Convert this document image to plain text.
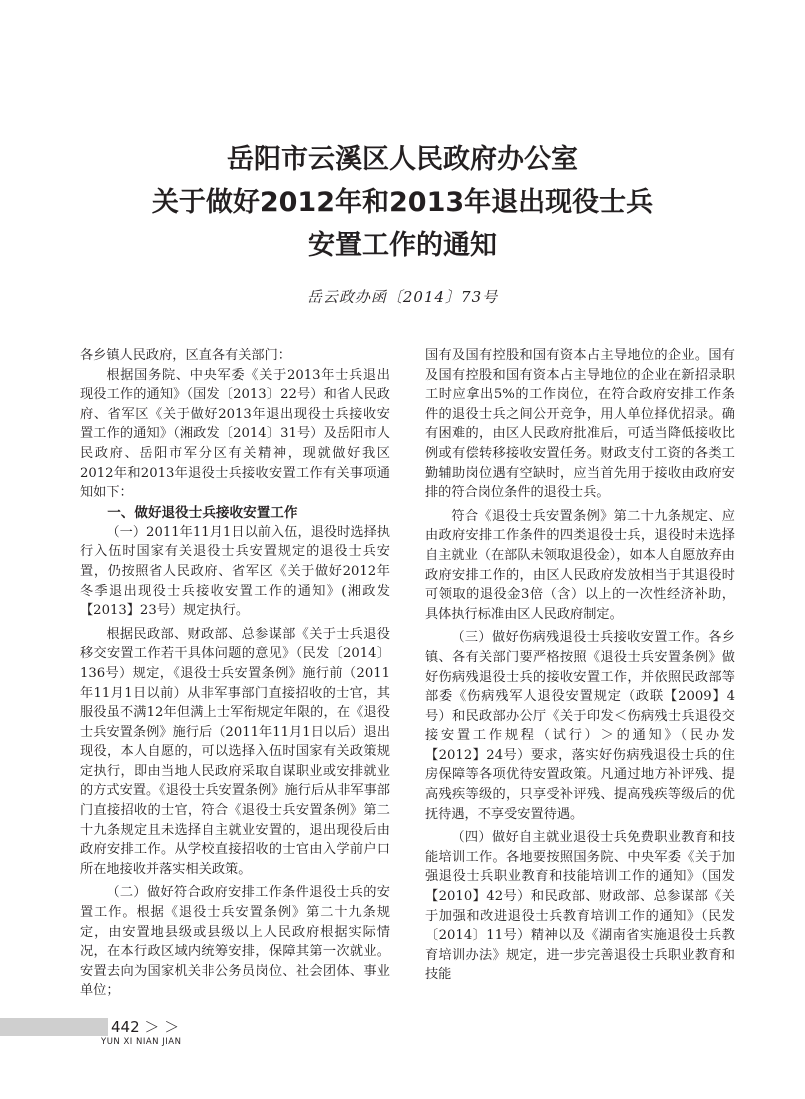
岳阳市云溪区人民政府办公室
关于做好2012年和2013年退出现役士兵
安置工作的通知
岳云政办函〔2014〕73号

各乡镇人民政府，区直各有关部门：

根据国务院、中央军委《关于2013年士兵退出现役工作的通知》（国发〔2013〕22号）和省人民政府、省军区《关于做好2013年退出现役士兵接收安置工作的通知》（湘政发〔2014〕31号）及岳阳市人民政府、岳阳市军分区有关精神，现就做好我区2012年和2013年退役士兵接收安置工作有关事项通知如下：

一、做好退役士兵接收安置工作

（一）2011年11月1日以前入伍，退役时选择执行入伍时国家有关退役士兵安置规定的退役士兵安置，仍按照省人民政府、省军区《关于做好2012年冬季退出现役士兵接收安置工作的通知》(湘政发【2013】23号）规定执行。

根据民政部、财政部、总参谋部《关于士兵退役移交安置工作若干具体问题的意见》（民发〔2014〕136号）规定，《退役士兵安置条例》施行前（2011年11月1日以前）从非军事部门直接招收的士官，其服役虽不满12年但满上士军衔规定年限的，在《退役士兵安置条例》施行后（2011年11月1日以后）退出现役，本人自愿的，可以选择入伍时国家有关政策规定执行，即由当地人民政府采取自谋职业或安排就业的方式安置。《退役士兵安置条例》施行后从非军事部门直接招收的士官，符合《退役士兵安置条例》第二十九条规定且未选择自主就业安置的，退出现役后由政府安排工作。从学校直接招收的士官由入学前户口所在地接收并落实相关政策。

（二）做好符合政府安排工作条件退役士兵的安置工作。根据《退役士兵安置条例》第二十九条规定，由安置地县级或县级以上人民政府根据实际情况，在本行政区域内统筹安排，保障其第一次就业。安置去向为国家机关非公务员岗位、社会团体、事业单位；

国有及国有控股和国有资本占主导地位的企业。国有及国有控股和国有资本占主导地位的企业在新招录职工时应拿出5%的工作岗位，在符合政府安排工作条件的退役士兵之间公开竞争，用人单位择优招录。确有困难的，由区人民政府批准后，可适当降低接收比例或有偿转移接收安置任务。财政支付工资的各类工勤辅助岗位遇有空缺时，应当首先用于接收由政府安排的符合岗位条件的退役士兵。

符合《退役士兵安置条例》第二十九条规定、应由政府安排工作条件的四类退役士兵，退役时未选择自主就业（在部队未领取退役金），如本人自愿放弃由政府安排工作的，由区人民政府发放相当于其退役时可领取的退役金3倍（含）以上的一次性经济补助，具体执行标准由区人民政府制定。

（三）做好伤病残退役士兵接收安置工作。各乡镇、各有关部门要严格按照《退役士兵安置条例》做好伤病残退役士兵的接收安置工作，并依照民政部等部委《伤病残军人退役安置规定（政联【2009】4号）和民政部办公厅《关于印发＜伤病残士兵退役交接安置工作规程（试行）＞的通知》（民办发【2012】24号）要求，落实好伤病残退役士兵的住房保障等各项优待安置政策。凡通过地方补评残、提高残疾等级的，只享受补评残、提高残疾等级后的优抚待遇，不享受安置待遇。

（四）做好自主就业退役士兵免费职业教育和技能培训工作。各地要按照国务院、中央军委《关于加强退役士兵职业教育和技能培训工作的通知》（国发【2010】42号）和民政部、财政部、总参谋部《关于加强和改进退役士兵教育培训工作的通知》（民发〔2014〕11号）精神以及《湖南省实施退役士兵教育培训办法》规定，进一步完善退役士兵职业教育和技能

442 ＞ ＞
YUN XI NIAN JIAN
